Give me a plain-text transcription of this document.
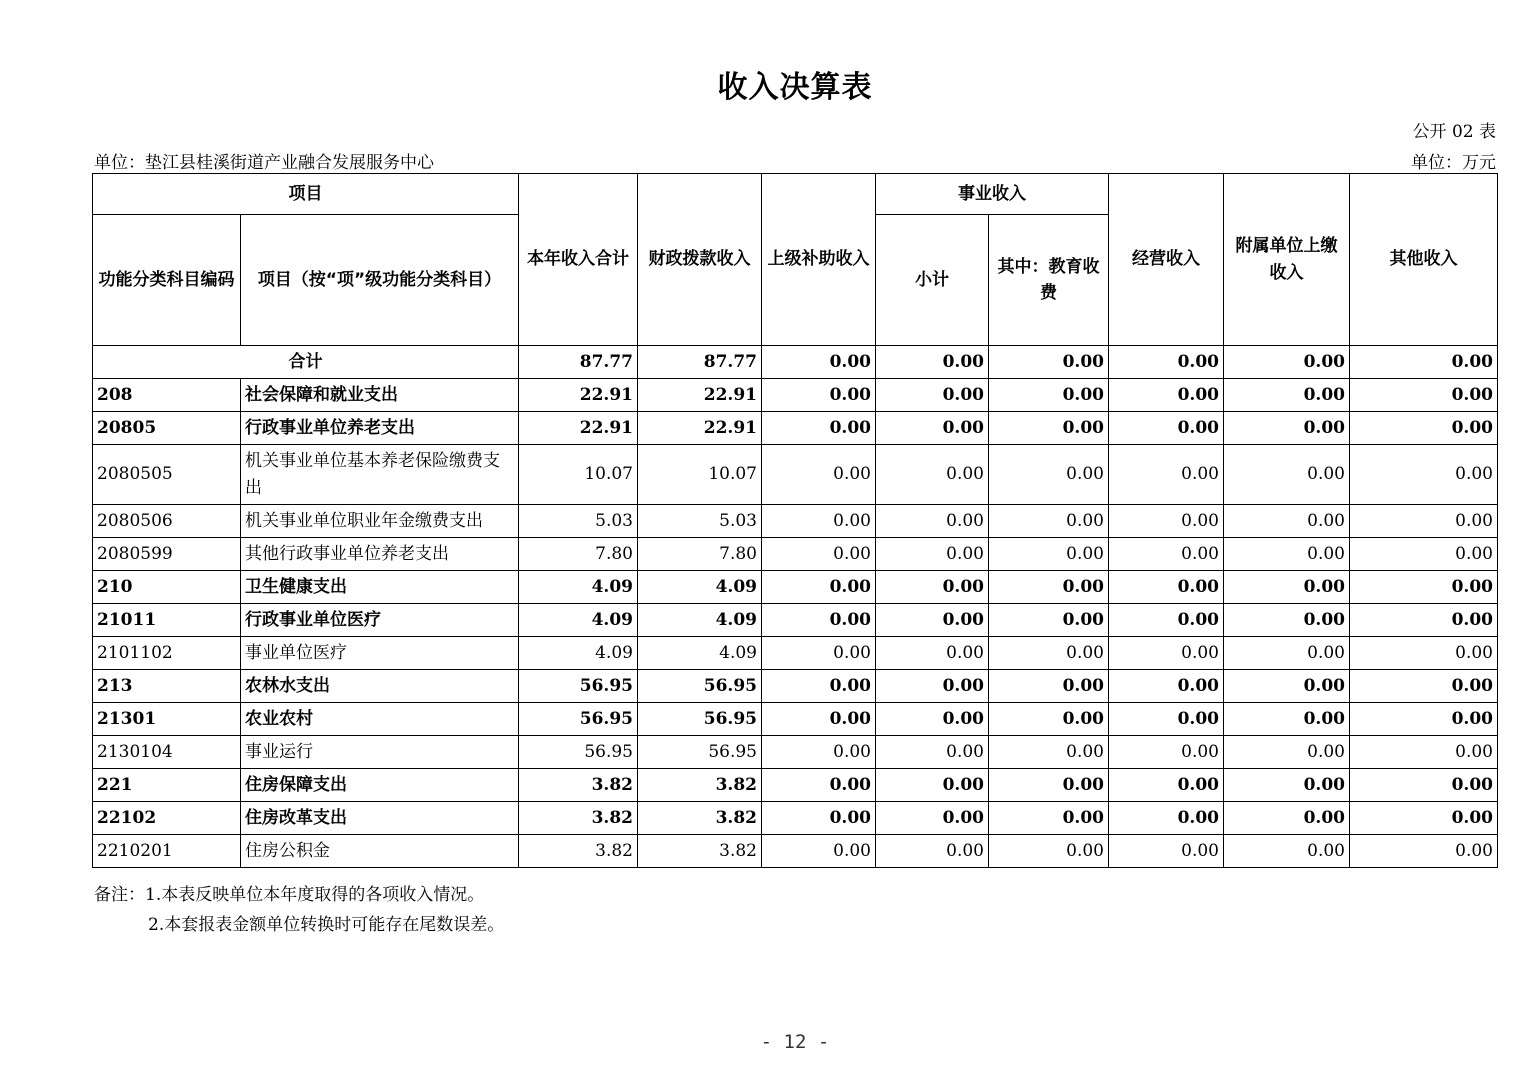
收入决算表
公开 02 表
单位：垫江县桂溪街道产业融合发展服务中心	单位：万元
项目		本年收入合计	财政拨款收入	上级补助收入	事业收入		经营收入	附属单位上缴收入	其他收入
功能分类科目编码	项目（按“项”级功能分类科目）				小计	其中：教育收费			
合计		87.77	87.77	0.00	0.00	0.00	0.00	0.00	0.00
208	社会保障和就业支出	22.91	22.91	0.00	0.00	0.00	0.00	0.00	0.00
20805	行政事业单位养老支出	22.91	22.91	0.00	0.00	0.00	0.00	0.00	0.00
2080505	机关事业单位基本养老保险缴费支出	10.07	10.07	0.00	0.00	0.00	0.00	0.00	0.00
2080506	机关事业单位职业年金缴费支出	5.03	5.03	0.00	0.00	0.00	0.00	0.00	0.00
2080599	其他行政事业单位养老支出	7.80	7.80	0.00	0.00	0.00	0.00	0.00	0.00
210	卫生健康支出	4.09	4.09	0.00	0.00	0.00	0.00	0.00	0.00
21011	行政事业单位医疗	4.09	4.09	0.00	0.00	0.00	0.00	0.00	0.00
2101102	事业单位医疗	4.09	4.09	0.00	0.00	0.00	0.00	0.00	0.00
213	农林水支出	56.95	56.95	0.00	0.00	0.00	0.00	0.00	0.00
21301	农业农村	56.95	56.95	0.00	0.00	0.00	0.00	0.00	0.00
2130104	事业运行	56.95	56.95	0.00	0.00	0.00	0.00	0.00	0.00
221	住房保障支出	3.82	3.82	0.00	0.00	0.00	0.00	0.00	0.00
22102	住房改革支出	3.82	3.82	0.00	0.00	0.00	0.00	0.00	0.00
2210201	住房公积金	3.82	3.82	0.00	0.00	0.00	0.00	0.00	0.00
备注：1.本表反映单位本年度取得的各项收入情况。
2.本套报表金额单位转换时可能存在尾数误差。
- 12 -
